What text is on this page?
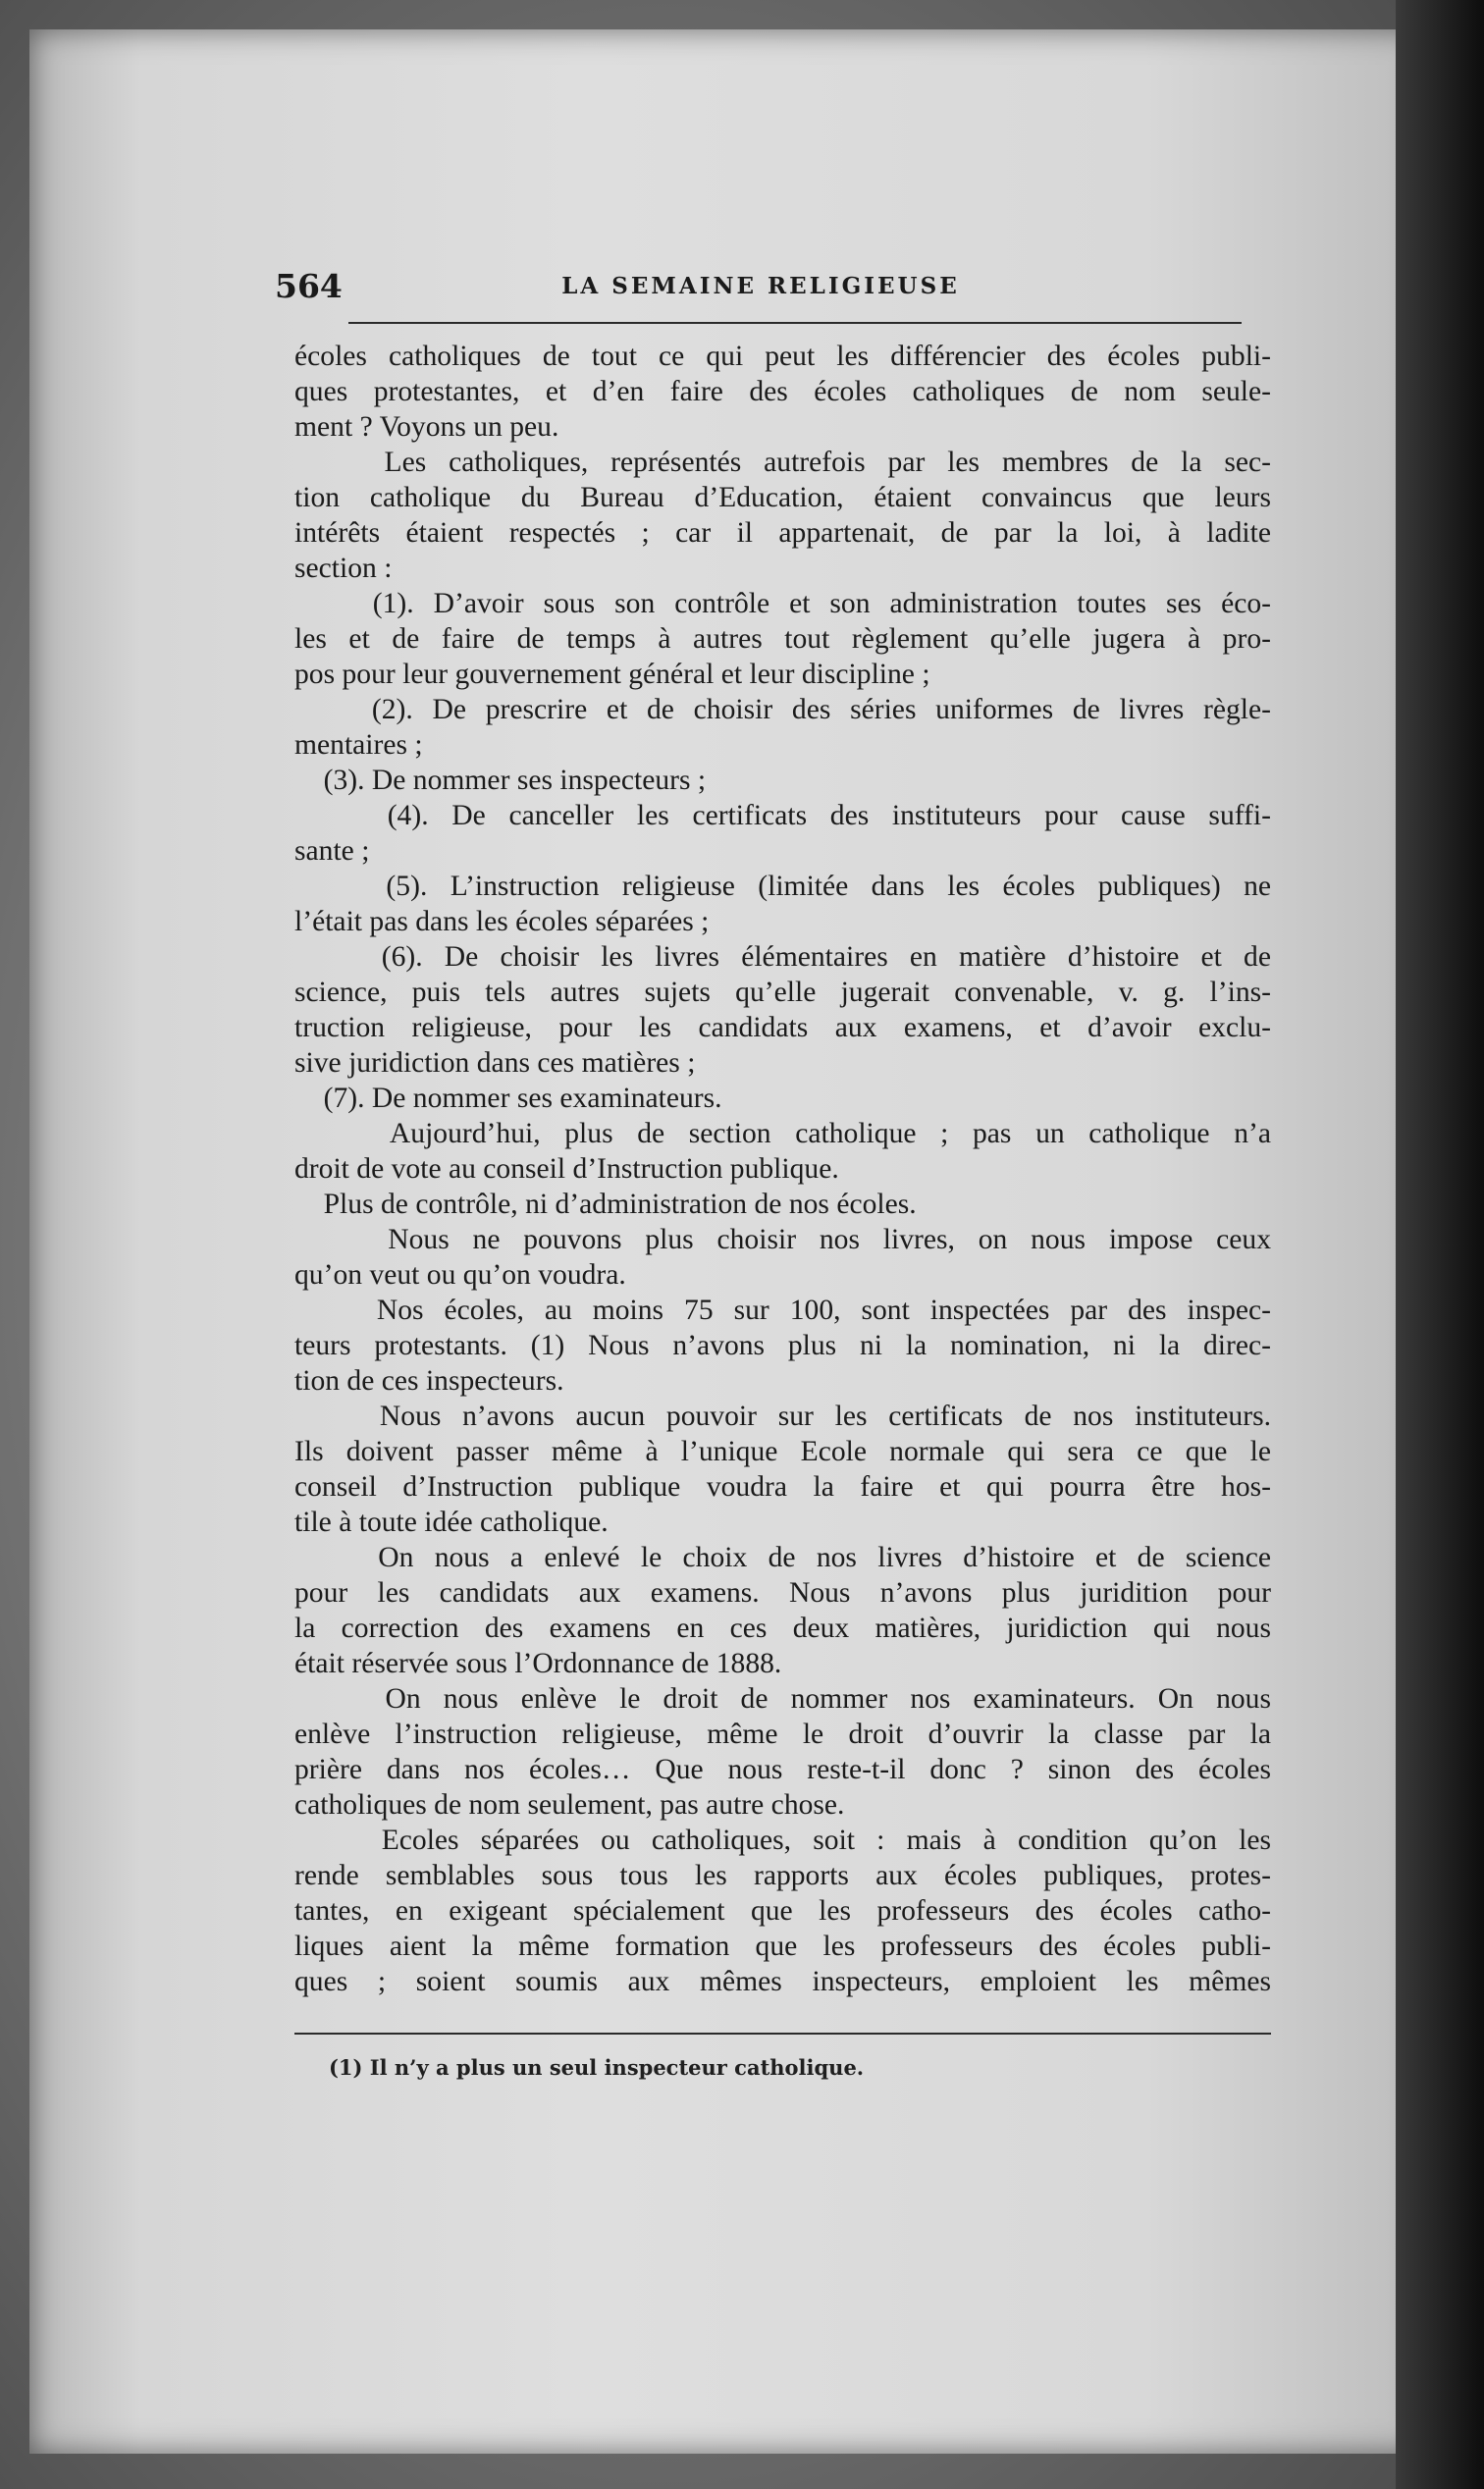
564	LA SEMAINE RELIGIEUSE
écoles catholiques de tout ce qui peut les différencier des écoles publi-
ques protestantes, et d’en faire des écoles catholiques de nom seule-
ment ? Voyons un peu.
Les catholiques, représentés autrefois par les membres de la sec-
tion catholique du Bureau d’Education, étaient convaincus que leurs
intérêts étaient respectés ; car il appartenait, de par la loi, à ladite
section :
(1). D’avoir sous son contrôle et son administration toutes ses éco-
les et de faire de temps à autres tout règlement qu’elle jugera à pro-
pos pour leur gouvernement général et leur discipline ;
(2). De prescrire et de choisir des séries uniformes de livres règle-
mentaires ;
(3). De nommer ses inspecteurs ;
(4). De canceller les certificats des instituteurs pour cause suffi-
sante ;
(5). L’instruction religieuse (limitée dans les écoles publiques) ne
l’était pas dans les écoles séparées ;
(6). De choisir les livres élémentaires en matière d’histoire et de
science, puis tels autres sujets qu’elle jugerait convenable, v. g. l’ins-
truction religieuse, pour les candidats aux examens, et d’avoir exclu-
sive juridiction dans ces matières ;
(7). De nommer ses examinateurs.
Aujourd’hui, plus de section catholique ; pas un catholique n’a
droit de vote au conseil d’Instruction publique.
Plus de contrôle, ni d’administration de nos écoles.
Nous ne pouvons plus choisir nos livres, on nous impose ceux
qu’on veut ou qu’on voudra.
Nos écoles, au moins 75 sur 100, sont inspectées par des inspec-
teurs protestants. (1) Nous n’avons plus ni la nomination, ni la direc-
tion de ces inspecteurs.
Nous n’avons aucun pouvoir sur les certificats de nos instituteurs.
Ils doivent passer même à l’unique Ecole normale qui sera ce que le
conseil d’Instruction publique voudra la faire et qui pourra être hos-
tile à toute idée catholique.
On nous a enlevé le choix de nos livres d’histoire et de science
pour les candidats aux examens. Nous n’avons plus juridition pour
la correction des examens en ces deux matières, juridiction qui nous
était réservée sous l’Ordonnance de 1888.
On nous enlève le droit de nommer nos examinateurs. On nous
enlève l’instruction religieuse, même le droit d’ouvrir la classe par la
prière dans nos écoles… Que nous reste-t-il donc ? sinon des écoles
catholiques de nom seulement, pas autre chose.
Ecoles séparées ou catholiques, soit : mais à condition qu’on les
rende semblables sous tous les rapports aux écoles publiques, protes-
tantes, en exigeant spécialement que les professeurs des écoles catho-
liques aient la même formation que les professeurs des écoles publi-
ques ; soient soumis aux mêmes inspecteurs, emploient les mêmes
(1) Il n’y a plus un seul inspecteur catholique.
